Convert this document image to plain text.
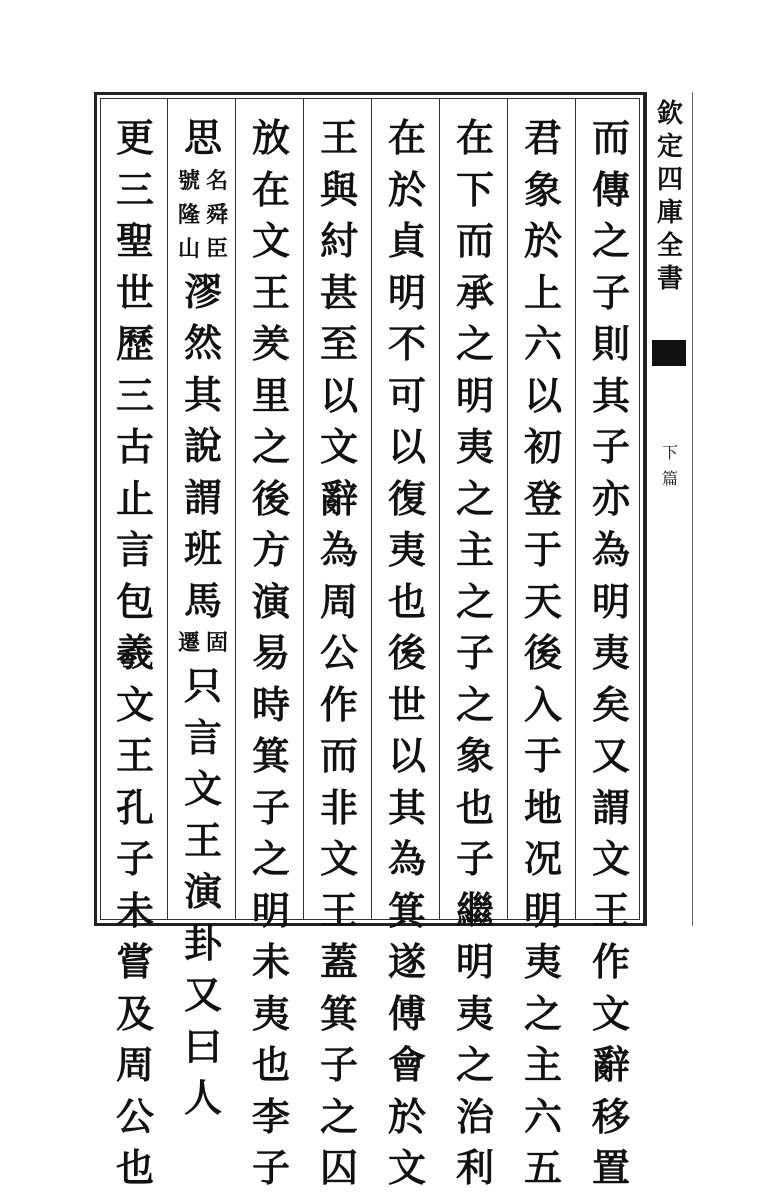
欽
定
四
庫
全
書
下
篇
而
傳
之
子
則
其
子
亦
為
明
夷
矣
又
謂
文
王
作
文
辭
移
置
君
象
於
上
六
以
初
登
于
天
後
入
于
地
况
明
夷
之
主
六
五
在
下
而
承
之
明
夷
之
主
之
子
之
象
也
子
繼
明
夷
之
治
利
在
於
貞
明
不
可
以
復
夷
也
後
世
以
其
為
箕
遂
傅
會
於
文
王
與
紂
甚
至
以
文
辭
為
周
公
作
而
非
文
王
蓋
箕
子
之
囚
放
在
文
王
羑
里
之
後
方
演
易
時
箕
子
之
明
未
夷
也
李
子
思
號
隆
山
名
舜
臣
漻
然
其
說
謂
班
馬
遷 固
只
言
文
王
演
卦
又
曰
人
更
三
聖
世
歷
三
古
止
言
包
羲
文
王
孔
子
未
嘗
及
周
公
也
